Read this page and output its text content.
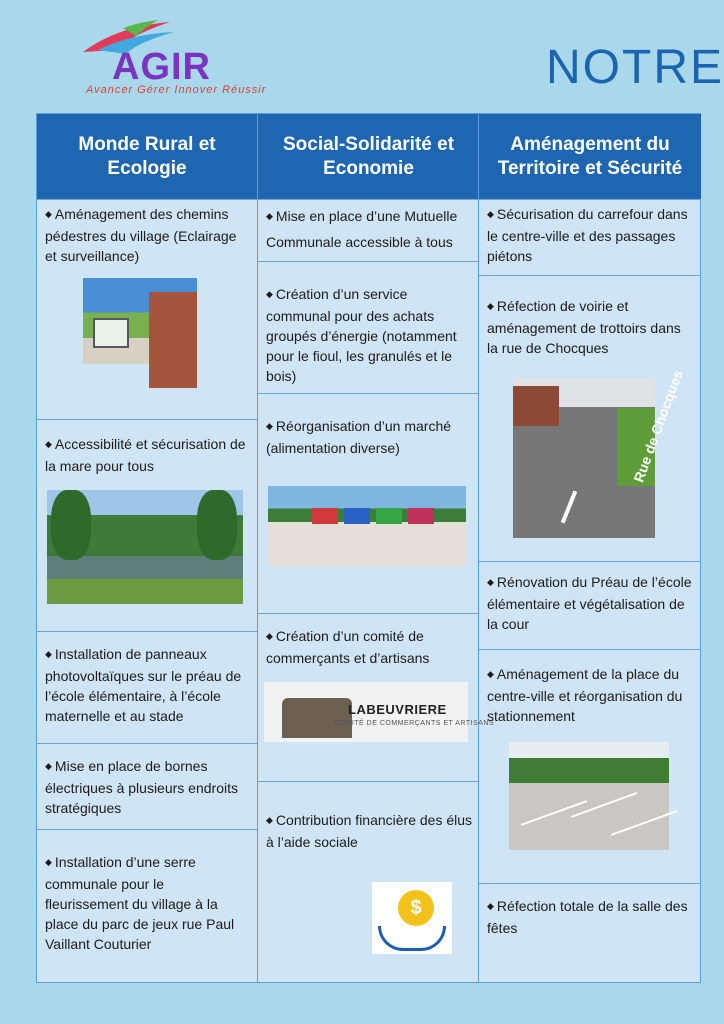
AGIR
Avancer Gérer Innover Réussir	NOTRE
Monde Rural et Ecologie
◆ Aménagement des chemins pédestres du village (Eclairage et surveillance)
◆ Accessibilité et sécurisation de la mare pour tous
◆ Installation de panneaux photovoltaïques sur le préau de l’école élémentaire, à l’école maternelle et au stade
◆ Mise en place de bornes électriques à plusieurs endroits stratégiques
◆ Installation d’une serre communale pour le fleurissement du village à la place du parc de jeux rue Paul Vaillant Couturier
Social-Solidarité et Economie
◆ Mise en place d’une Mutuelle Communale accessible à tous
◆ Création d’un service communal pour des achats groupés d’énergie (notamment pour le fioul, les granulés et le bois)
◆ Réorganisation d’un marché (alimentation diverse)
◆ Création d’un comité de commerçants et d’artisans
LABEUVRIERE
COMITÉ DE COMMERÇANTS ET ARTISANS
◆ Contribution financière des élus à l’aide sociale
$
Aménagement du Territoire et Sécurité
◆ Sécurisation du carrefour dans le centre-ville et des passages piétons
◆ Réfection de voirie et aménagement de trottoirs dans la rue de Chocques
Rue de Chocques
◆ Rénovation du Préau de l’école élémentaire et végétalisation de la cour
◆ Aménagement de la place du centre-ville et réorganisation du stationnement
◆ Réfection totale de la salle des fêtes
